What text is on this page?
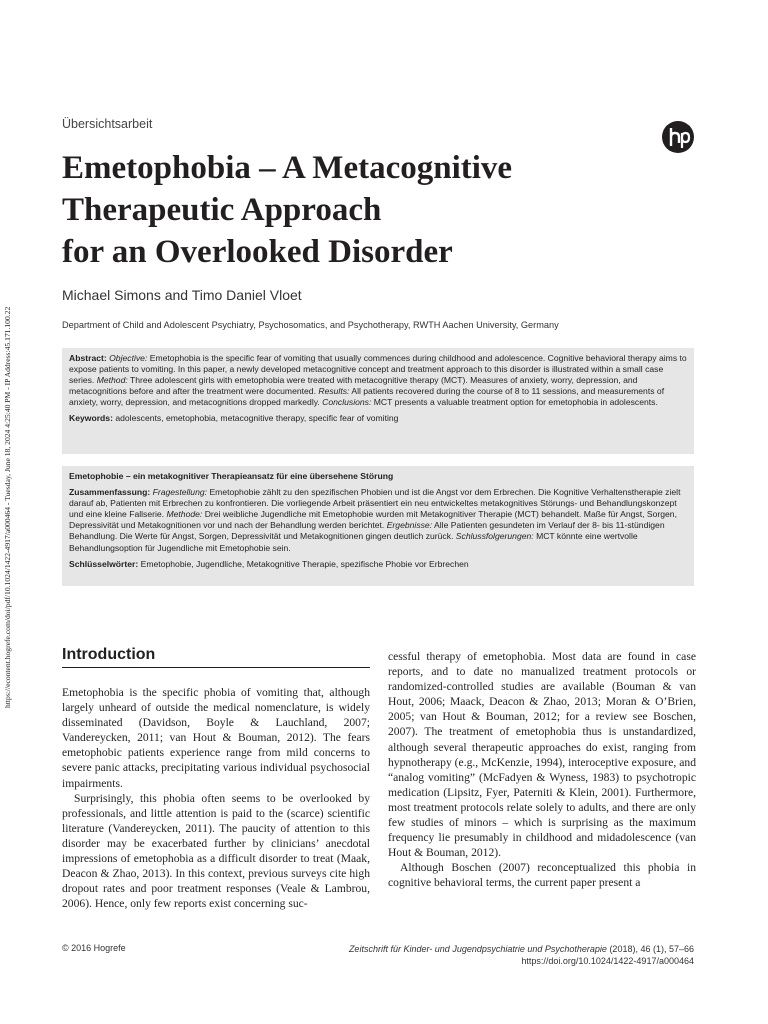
https://econtent.hogrefe.com/doi/pdf/10.1024/1422-4917/a000464 - Tuesday, June 18, 2024 4:25:40 PM - IP Address:45.171.100.22
Übersichtsarbeit
Emetophobia – A Metacognitive
Therapeutic Approach
for an Overlooked Disorder
Michael Simons and Timo Daniel Vloet
Department of Child and Adolescent Psychiatry, Psychosomatics, and Psychotherapy, RWTH Aachen University, Germany

Abstract: Objective: Emetophobia is the specific fear of vomiting that usually commences during childhood and adolescence. Cognitive behavioral therapy aims to expose patients to vomiting. In this paper, a newly developed metacognitive concept and treatment approach to this disorder is illustrated within a small case series. Method: Three adolescent girls with emetophobia were treated with metacognitive therapy (MCT). Measures of anxiety, worry, depression, and metacognitions before and after the treatment were documented. Results: All patients recovered during the course of 8 to 11 sessions, and measurements of anxiety, worry, depression, and metacognitions dropped markedly. Conclusions: MCT presents a valuable treatment option for emetophobia in adolescents.

Keywords: adolescents, emetophobia, metacognitive therapy, specific fear of vomiting

Emetophobie – ein metakognitiver Therapieansatz für eine übersehene Störung

Zusammenfassung: Fragestellung: Emetophobie zählt zu den spezifischen Phobien und ist die Angst vor dem Erbrechen. Die Kognitive Verhaltenstherapie zielt darauf ab, Patienten mit Erbrechen zu konfrontieren. Die vorliegende Arbeit präsentiert ein neu entwickeltes metakognitives Störungs- und Behandlungskonzept und eine kleine Fallserie. Methode: Drei weibliche Jugendliche mit Emetophobie wurden mit Metakognitiver Therapie (MCT) behandelt. Maße für Angst, Sorgen, Depressivität und Metakognitionen vor und nach der Behandlung werden berichtet. Ergebnisse: Alle Patienten gesundeten im Verlauf der 8- bis 11-stündigen Behandlung. Die Werte für Angst, Sorgen, Depressivität und Metakognitionen gingen deutlich zurück. Schlussfolgerungen: MCT könnte eine wertvolle Behandlungsoption für Jugendliche mit Emetophobie sein.

Schlüsselwörter: Emetophobie, Jugendliche, Metakognitive Therapie, spezifische Phobie vor Erbrechen

Introduction

Emetophobia is the specific phobia of vomiting that, although largely unheard of outside the medical nomenclature, is widely disseminated (Davidson, Boyle & Lauchland, 2007; Vandereycken, 2011; van Hout & Bouman, 2012). The fears emetophobic patients experience range from mild concerns to severe panic attacks, precipitating various individual psychosocial impairments.

Surprisingly, this phobia often seems to be overlooked by professionals, and little attention is paid to the (scarce) scientific literature (Vandereycken, 2011). The paucity of attention to this disorder may be exacerbated further by clinicians’ anecdotal impressions of emetophobia as a difficult disorder to treat (Maak, Deacon & Zhao, 2013). In this context, previous surveys cite high dropout rates and poor treatment responses (Veale & Lambrou, 2006). Hence, only few reports exist concerning suc-

cessful therapy of emetophobia. Most data are found in case reports, and to date no manualized treatment protocols or randomized-controlled studies are available (Bouman & van Hout, 2006; Maack, Deacon & Zhao, 2013; Moran & O’Brien, 2005; van Hout & Bouman, 2012; for a review see Boschen, 2007). The treatment of emetophobia thus is unstandardized, although several therapeutic approaches do exist, ranging from hypnotherapy (e.g., McKenzie, 1994), interoceptive exposure, and “analog vomiting” (McFadyen & Wyness, 1983) to psychotropic medication (Lipsitz, Fyer, Paterniti & Klein, 2001). Furthermore, most treatment protocols relate solely to adults, and there are only few studies of minors – which is surprising as the maximum frequency lie presumably in childhood and midadolescence (van Hout & Bouman, 2012).

Although Boschen (2007) reconceptualized this phobia in cognitive behavioral terms, the current paper present a

© 2016 Hogrefe	Zeitschrift für Kinder- und Jugendpsychiatrie und Psychotherapie (2018), 46 (1), 57–66
https://doi.org/10.1024/1422-4917/a000464
